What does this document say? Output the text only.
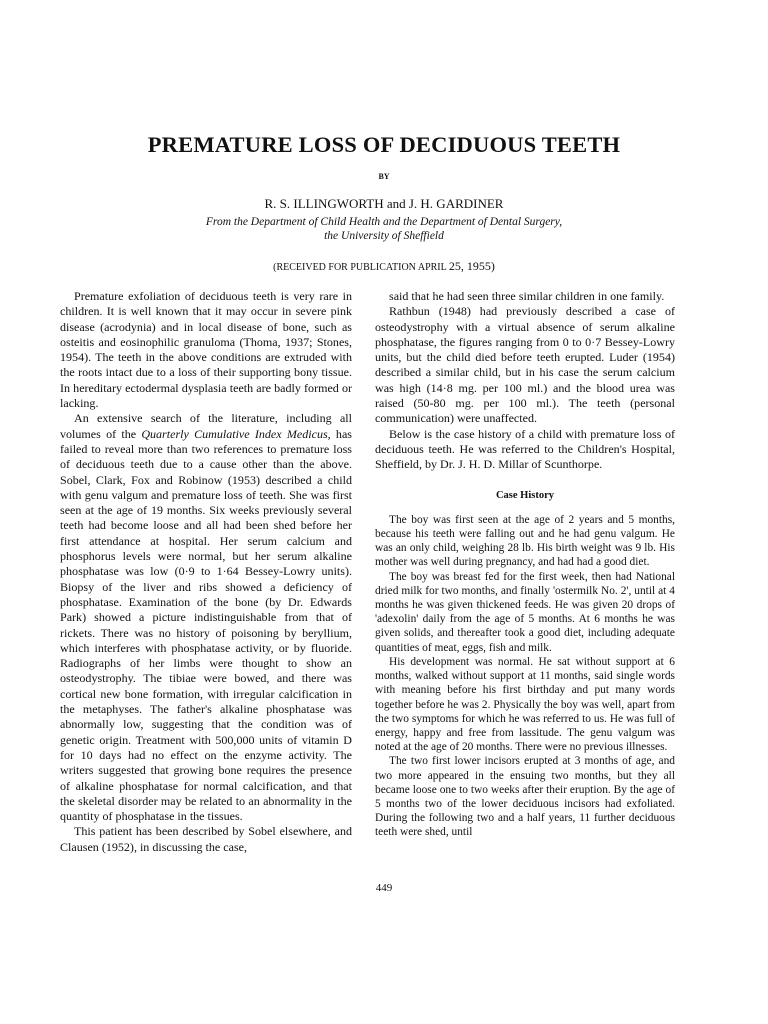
PREMATURE LOSS OF DECIDUOUS TEETH
BY
R. S. ILLINGWORTH and J. H. GARDINER
From the Department of Child Health and the Department of Dental Surgery,
the University of Sheffield
(RECEIVED FOR PUBLICATION APRIL 25, 1955)

Premature exfoliation of deciduous teeth is very rare in children. It is well known that it may occur in severe pink disease (acrodynia) and in local disease of bone, such as osteitis and eosinophilic granuloma (Thoma, 1937; Stones, 1954). The teeth in the above conditions are extruded with the roots intact due to a loss of their supporting bony tissue. In hereditary ectodermal dysplasia teeth are badly formed or lacking.

An extensive search of the literature, including all volumes of the Quarterly Cumulative Index Medicus, has failed to reveal more than two references to premature loss of deciduous teeth due to a cause other than the above. Sobel, Clark, Fox and Robinow (1953) described a child with genu valgum and premature loss of teeth. She was first seen at the age of 19 months. Six weeks previously several teeth had become loose and all had been shed before her first attendance at hospital. Her serum calcium and phosphorus levels were normal, but her serum alkaline phosphatase was low (0·9 to 1·64 Bessey-Lowry units). Biopsy of the liver and ribs showed a deficiency of phosphatase. Examination of the bone (by Dr. Edwards Park) showed a picture indistinguishable from that of rickets. There was no history of poisoning by beryllium, which interferes with phosphatase activity, or by fluoride. Radiographs of her limbs were thought to show an osteodystrophy. The tibiae were bowed, and there was cortical new bone formation, with irregular calcification in the metaphyses. The father's alkaline phosphatase was abnormally low, suggesting that the condition was of genetic origin. Treatment with 500,000 units of vitamin D for 10 days had no effect on the enzyme activity. The writers suggested that growing bone requires the presence of alkaline phosphatase for normal calcification, and that the skeletal disorder may be related to an abnormality in the quantity of phosphatase in the tissues.

This patient has been described by Sobel elsewhere, and Clausen (1952), in discussing the case,

said that he had seen three similar children in one family.

Rathbun (1948) had previously described a case of osteodystrophy with a virtual absence of serum alkaline phosphatase, the figures ranging from 0 to 0·7 Bessey-Lowry units, but the child died before teeth erupted. Luder (1954) described a similar child, but in his case the serum calcium was high (14·8 mg. per 100 ml.) and the blood urea was raised (50-80 mg. per 100 ml.). The teeth (personal communication) were unaffected.

Below is the case history of a child with premature loss of deciduous teeth. He was referred to the Children's Hospital, Sheffield, by Dr. J. H. D. Millar of Scunthorpe.

Case History

The boy was first seen at the age of 2 years and 5 months, because his teeth were falling out and he had genu valgum. He was an only child, weighing 28 lb. His birth weight was 9 lb. His mother was well during pregnancy, and had had a good diet.

The boy was breast fed for the first week, then had National dried milk for two months, and finally 'ostermilk No. 2', until at 4 months he was given thickened feeds. He was given 20 drops of 'adexolin' daily from the age of 5 months. At 6 months he was given solids, and thereafter took a good diet, including adequate quantities of meat, eggs, fish and milk.

His development was normal. He sat without support at 6 months, walked without support at 11 months, said single words with meaning before his first birthday and put many words together before he was 2. Physically the boy was well, apart from the two symptoms for which he was referred to us. He was full of energy, happy and free from lassitude. The genu valgum was noted at the age of 20 months. There were no previous illnesses.

The two first lower incisors erupted at 3 months of age, and two more appeared in the ensuing two months, but they all became loose one to two weeks after their eruption. By the age of 5 months two of the lower deciduous incisors had exfoliated. During the following two and a half years, 11 further deciduous teeth were shed, until

449
